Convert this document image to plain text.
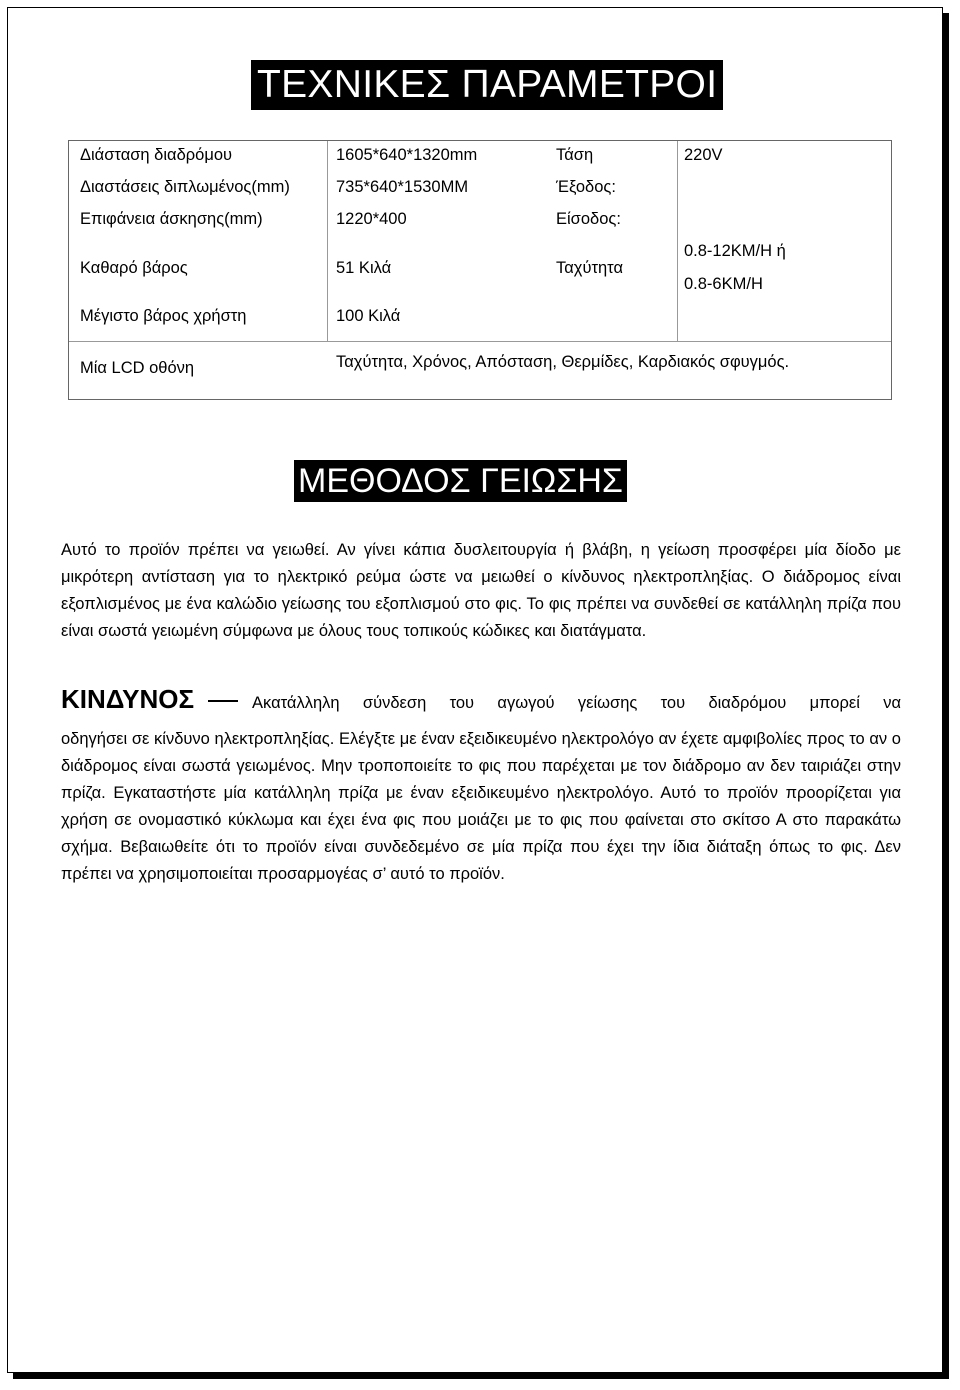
ΤΕΧΝΙΚΕΣ ΠΑΡΑΜΕΤΡΟΙ
Διάσταση διαδρόμου	1605*640*1320mm	Τάση	220V
Διαστάσεις διπλωμένος(mm)	735*640*1530MM	Έξοδος:
Επιφάνεια άσκησης(mm)	1220*400	Είσοδος:
Καθαρό βάρος	51 Κιλά	Ταχύτητα
0.8-12KM/H ή
0.8-6KM/H
Μέγιστο βάρος χρήστη	100 Κιλά
Μία LCD οθόνη	Ταχύτητα, Χρόνος, Απόσταση, Θερμίδες, Καρδιακός σφυγμός.
ΜΕΘΟΔΟΣ ΓΕΙΩΣΗΣ
Αυτό το προϊόν πρέπει να γειωθεί. Αν γίνει κάπια δυσλειτουργία ή βλάβη, η γείωση προσφέρει μία δίοδο με μικρότερη αντίσταση για το ηλεκτρικό ρεύμα ώστε να μειωθεί ο κίνδυνος ηλεκτροπληξίας. Ο διάδρομος είναι εξοπλισμένος με ένα καλώδιο γείωσης του εξοπλισμού στο φις. Το φις πρέπει να συνδεθεί σε κατάλληλη πρίζα που είναι σωστά γειωμένη σύμφωνα με όλους τους τοπικούς κώδικες και διατάγματα.
ΚΙΝΔΥΝΟΣ	Ακατάλληλη σύνδεση του αγωγού γείωσης του διαδρόμου μπορεί να
οδηγήσει σε κίνδυνο ηλεκτροπληξίας. Ελέγξτε με έναν εξειδικευμένο ηλεκτρολόγο αν έχετε αμφιβολίες προς το αν ο διάδρομος είναι σωστά γειωμένος. Μην τροποποιείτε το φις που παρέχεται με τον διάδρομο αν δεν ταιριάζει στην πρίζα. Εγκαταστήστε μία κατάλληλη πρίζα με έναν εξειδικευμένο ηλεκτρολόγο. Αυτό το προϊόν προορίζεται για χρήση σε ονομαστικό κύκλωμα και έχει ένα φις που μοιάζει με το φις που φαίνεται στο σκίτσο Α στο παρακάτω σχήμα. Βεβαιωθείτε ότι το προϊόν είναι συνδεδεμένο σε μία πρίζα που έχει την ίδια διάταξη όπως το φις. Δεν πρέπει να χρησιμοποιείται προσαρμογέας σ’ αυτό το προϊόν.
